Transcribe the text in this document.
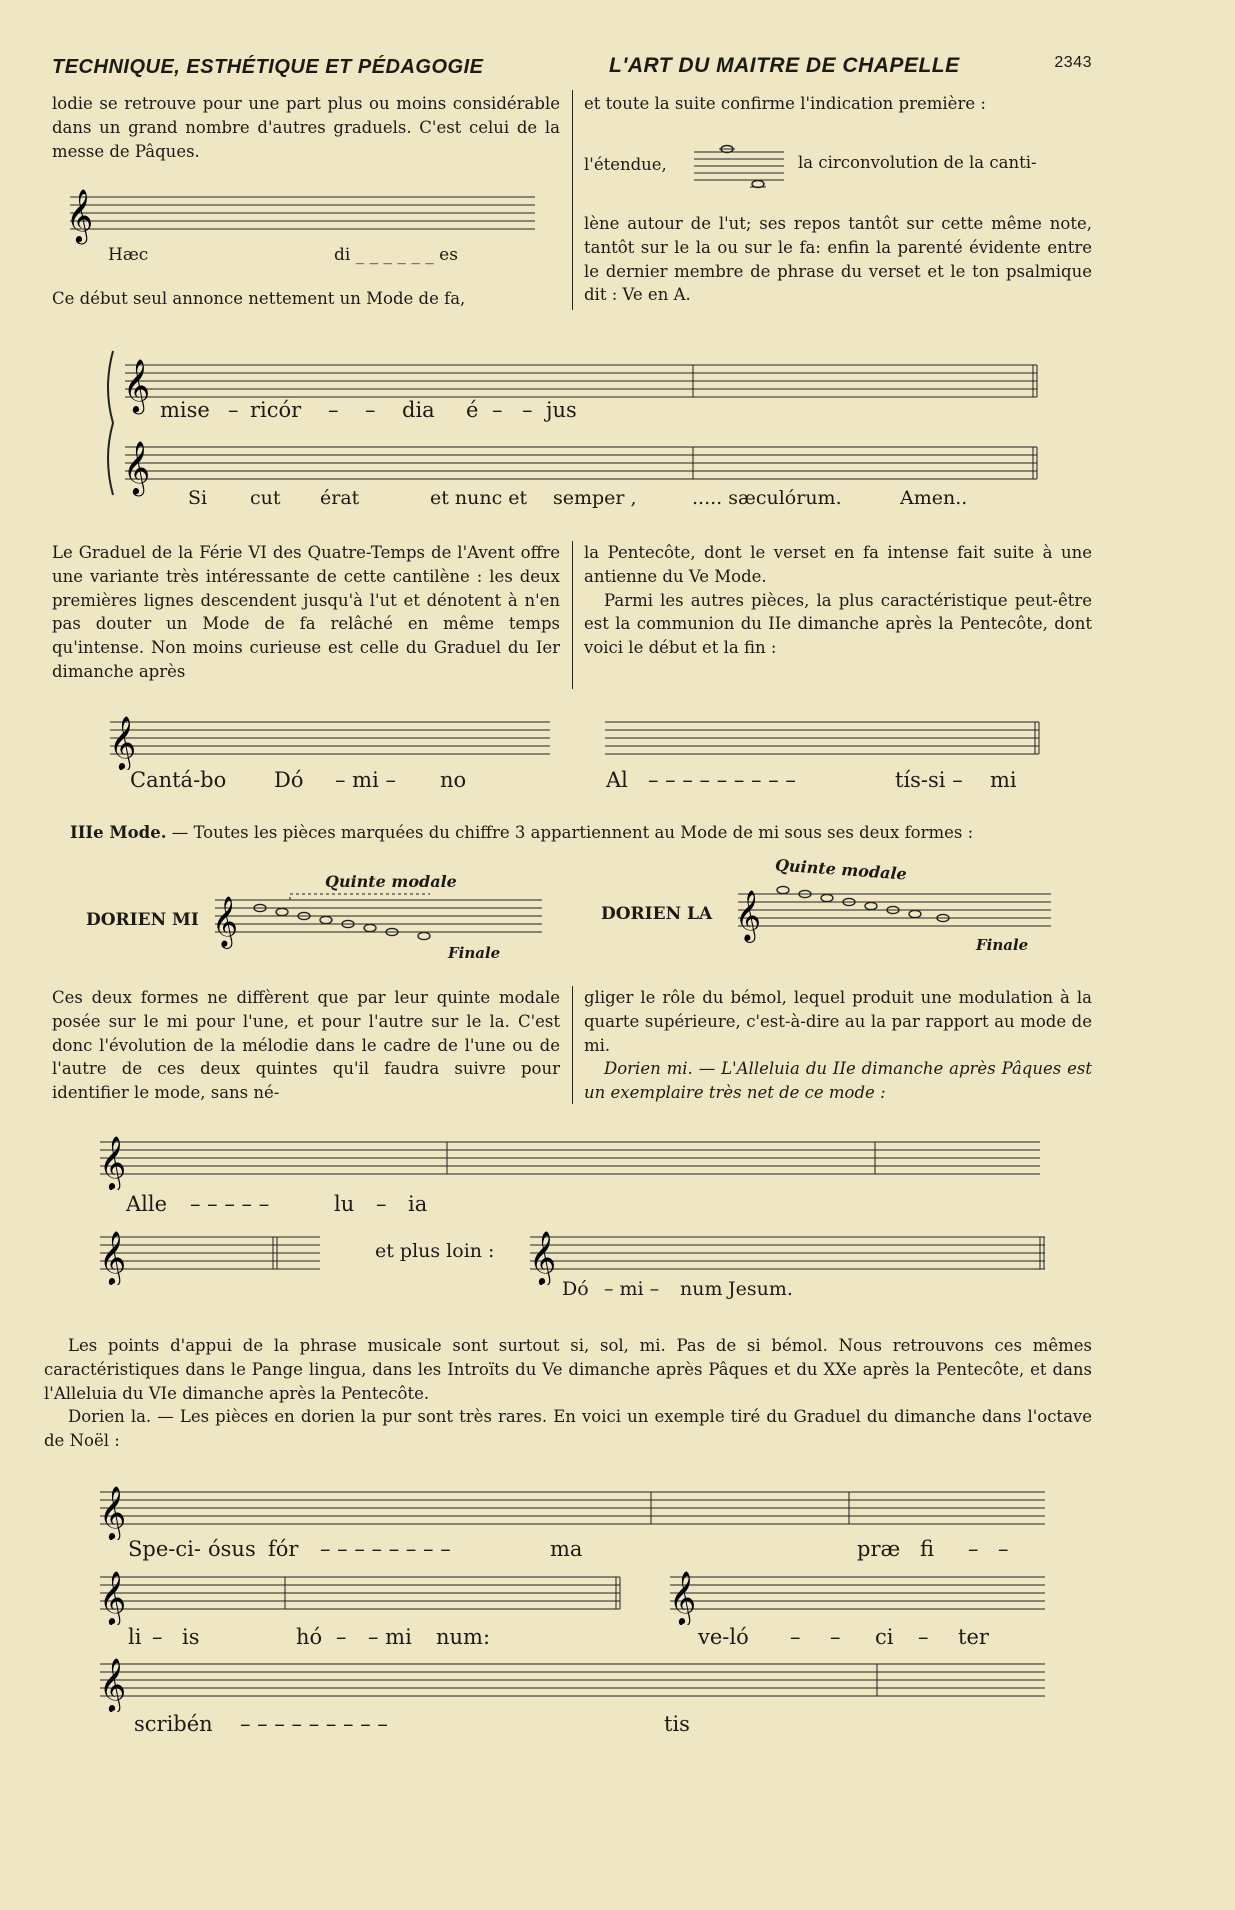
TECHNIQUE, ESTHÉTIQUE ET PÉDAGOGIE	L'ART DU MAITRE DE CHAPELLE	2343

lodie se retrouve pour une part plus ou moins considérable dans un grand nombre d'autres graduels. C'est celui de la messe de Pâques.

𝄞
Hæc	di _ _ _ _ _ _ es

Ce début seul annonce nettement un Mode de fa,

et toute la suite confirme l'indication première :

l'étendue,	la circonvolution de la canti-

lène autour de l'ut; ses repos tantôt sur cette même note, tantôt sur le la ou sur le fa: enfin la parenté évidente entre le dernier membre de phrase du verset et le ton psalmique dit : Ve en A.

𝄞
𝄞
mise – ricór – – dia é – – jus
Si cut érat	et nunc et semper ,	..... sæculórum.	Amen..

Le Graduel de la Férie VI des Quatre-Temps de l'Avent offre une variante très intéressante de cette cantilène : les deux premières lignes descendent jusqu'à l'ut et dénotent à n'en pas douter un Mode de fa relâché en même temps qu'intense. Non moins curieuse est celle du Graduel du Ier dimanche après

la Pentecôte, dont le verset en fa intense fait suite à une antienne du Ve Mode.

Parmi les autres pièces, la plus caractéristique peut-être est la communion du IIe dimanche après la Pentecôte, dont voici le début et la fin :

𝄞
Cantá-bo Dó – mi – no	Al – – – – – – – – –	tís-si – mi
IIIe Mode. — Toutes les pièces marquées du chiffre 3 appartiennent au Mode de mi sous ses deux formes :
DORIEN MI
Quinte modale
𝄞
Finale
DORIEN LA
Quinte modale
𝄞
Finale

Ces deux formes ne diffèrent que par leur quinte modale posée sur le mi pour l'une, et pour l'autre sur le la. C'est donc l'évolution de la mélodie dans le cadre de l'une ou de l'autre de ces deux quintes qu'il faudra suivre pour identifier le mode, sans né-

gliger le rôle du bémol, lequel produit une modulation à la quarte supérieure, c'est-à-dire au la par rapport au mode de mi.

Dorien mi. — L'Alleluia du IIe dimanche après Pâques est un exemplaire très net de ce mode :

𝄞
Alle – – – – –	lu – ia
𝄞	et plus loin : 𝄞
Dó – mi – num Jesum.

Les points d'appui de la phrase musicale sont surtout si, sol, mi. Pas de si bémol. Nous retrouvons ces mêmes caractéristiques dans le Pange lingua, dans les Introïts du Ve dimanche après Pâques et du XXe après la Pentecôte, et dans l'Alleluia du VIe dimanche après la Pentecôte.

Dorien la. — Les pièces en dorien la pur sont très rares. En voici un exemple tiré du Graduel du dimanche dans l'octave de Noël :

𝄞
Spe-ci- ósus fór – – – – – – – –	ma	præ fi – –
𝄞	𝄞
li – is	hó – – mi num:	ve-ló – – ci – ter
𝄞
scribén – – – – – – – – –	tis
